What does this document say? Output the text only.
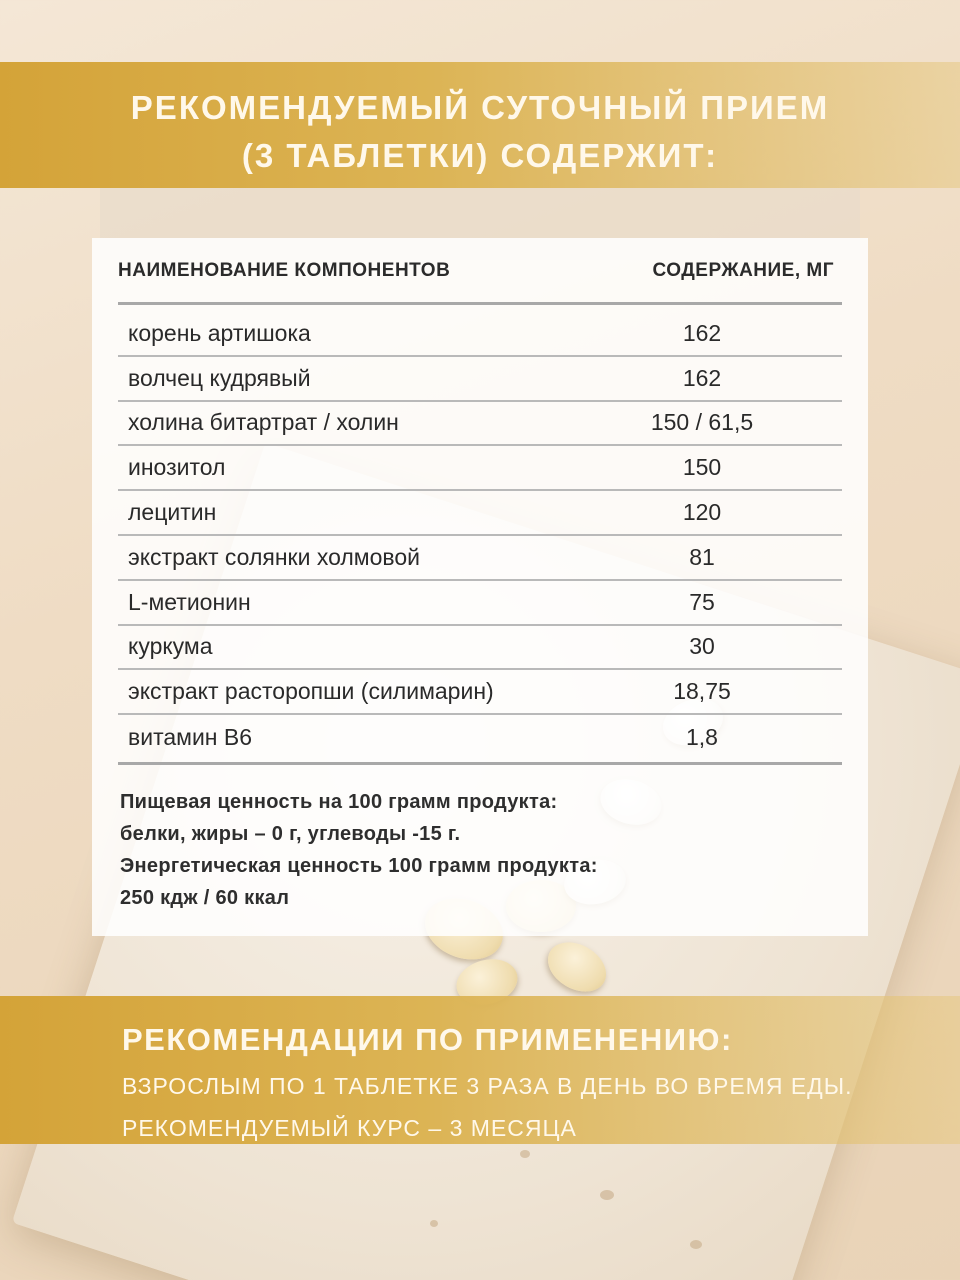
РЕКОМЕНДУЕМЫЙ СУТОЧНЫЙ ПРИЕМ
(3 ТАБЛЕТКИ) СОДЕРЖИТ:
НАИМЕНОВАНИЕ КОМПОНЕНТОВ	СОДЕРЖАНИЕ, МГ
корень артишока	162
волчец кудрявый	162
холина битартрат / холин	150 / 61,5
инозитол	150
лецитин	120
экстракт солянки холмовой	81
L-метионин	75
куркума	30
экстракт расторопши (силимарин)	18,75
витамин B6	1,8
Пищевая ценность на 100 грамм продукта:
белки, жиры – 0 г, углеводы -15 г.
Энергетическая ценность 100 грамм продукта:
250 кдж / 60 ккал
РЕКОМЕНДАЦИИ ПО ПРИМЕНЕНИЮ:
ВЗРОСЛЫМ ПО 1 ТАБЛЕТКЕ 3 РАЗА В ДЕНЬ ВО ВРЕМЯ ЕДЫ.
РЕКОМЕНДУЕМЫЙ КУРС – 3 МЕСЯЦА
